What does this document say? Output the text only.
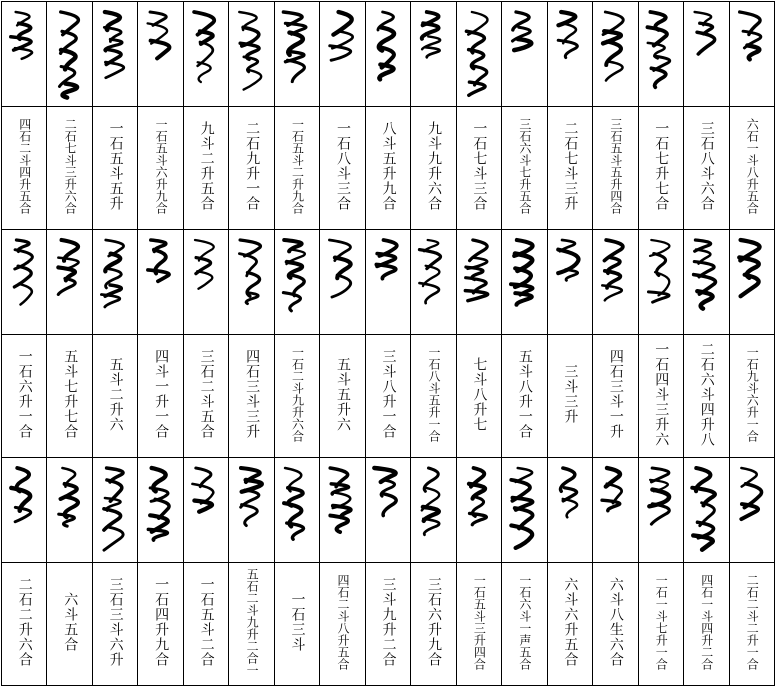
四石二斗四升五合	二石七斗三升六合	一石五斗五升	一石五斗六升九合	九斗二升五合	二石九升一合	一石五斗二升九合	一石八斗三合	八斗五升九合	九斗九升六合	一石七斗三合	三石六斗七升五合	二石七斗三升	三石五斗五升四合	一石七升七合	三石八斗六合	六石一斗八升五合

一石六升一合	五斗七升七合	五斗二升六	四斗一升一合	三石二斗五合	四石三斗三升	一石二斗九升六合	五斗五升六	三斗八升一合	一石八斗五升一合	七斗八升七	五斗八升一合	三斗三升	四石三斗一升	一石四斗三升六	二石六斗四升八	一石九斗六升一合

二石二升六合	六斗五合	三石三斗六升	一石四升九合	一石五斗二合	五石二斗九升二合一	一石三斗	四石二斗八升五合	三斗九升二合	三石六升九合	一石五斗三升四合	一石六斗一声五合	六斗六升五合	六斗八生六合	一石一斗七升一合	四石一斗四升二合	二石二斗二升一合
